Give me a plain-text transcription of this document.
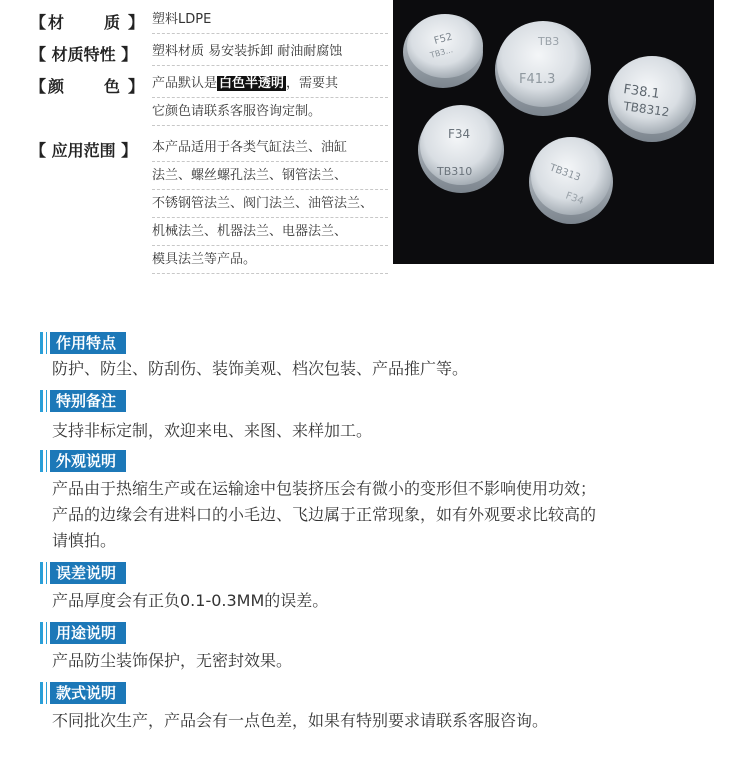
【 材 质 】 塑料LDPE
【 材质特性 】 塑料材质 易安装拆卸 耐油耐腐蚀
【 颜 色 】 产品默认是 白色半透明 ，需要其
它颜色请联系客服咨询定制。
【 应用范围 】 本产品适用于各类气缸法兰、油缸
法兰、螺丝螺孔法兰、钢管法兰、
不锈钢管法兰、阀门法兰、油管法兰、
机械法兰、机器法兰、电器法兰、
模具法兰等产品。
F52
TB3...
F41.3
TB3
F38.1
TB8312
F34
TB310	TB313
F34
作用特点
防护、防尘、防刮伤、装饰美观、档次包装、产品推广等。
特别备注
支持非标定制，欢迎来电、来图、来样加工。
外观说明
产品由于热缩生产或在运输途中包装挤压会有微小的变形但不影响使用功效；
产品的边缘会有进料口的小毛边、飞边属于正常现象，如有外观要求比较高的
请慎拍。
误差说明
产品厚度会有正负0.1-0.3MM的误差。
用途说明
产品防尘装饰保护，无密封效果。
款式说明
不同批次生产，产品会有一点色差，如果有特别要求请联系客服咨询。
